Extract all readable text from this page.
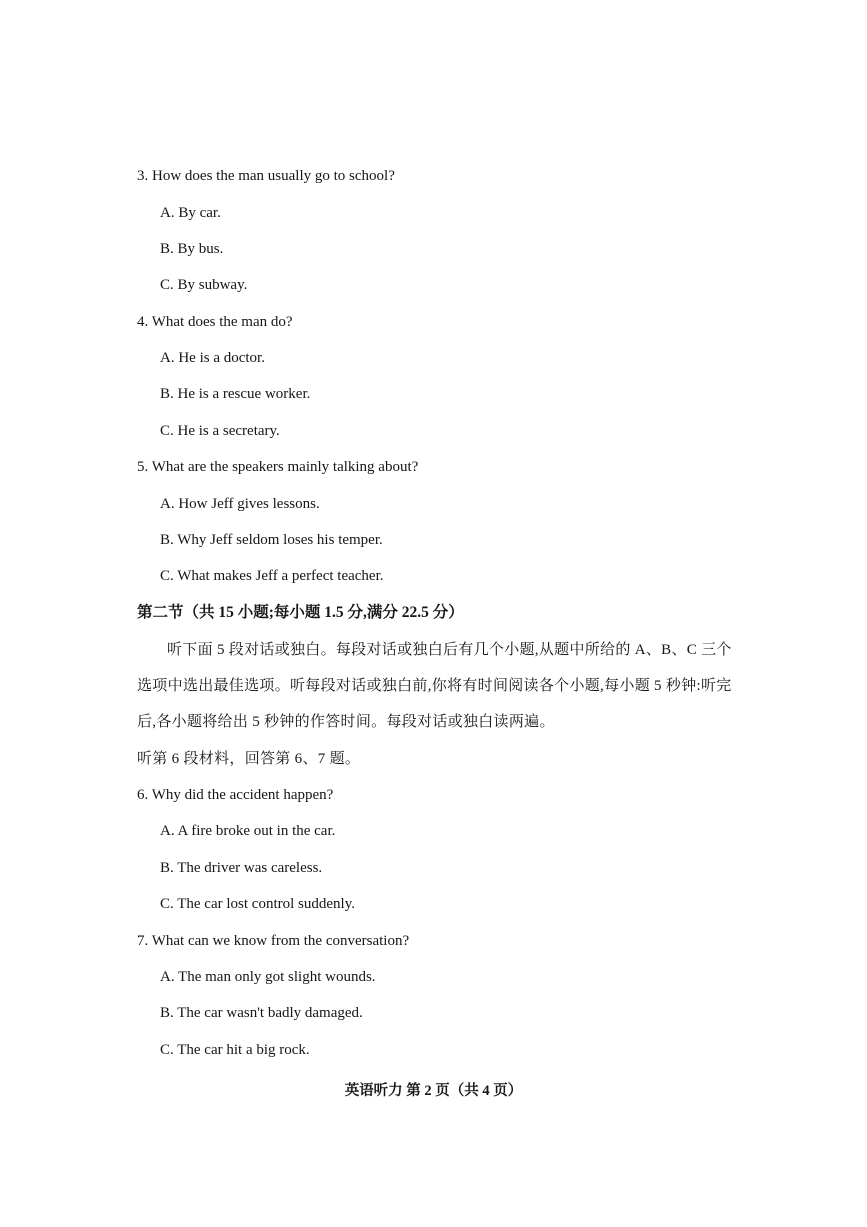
3. How does the man usually go to school?
A. By car.
B. By bus.
C. By subway.
4. What does the man do?
A. He is a doctor.
B. He is a rescue worker.
C. He is a secretary.
5. What are the speakers mainly talking about?
A. How Jeff gives lessons.
B. Why Jeff seldom loses his temper.
C. What makes Jeff a perfect teacher.
第二节（共 15 小题;每小题 1.5 分,满分 22.5 分）
听下面 5 段对话或独白。每段对话或独白后有几个小题,从题中所给的 A、B、C 三个
选项中选出最佳选项。听每段对话或独白前,你将有时间阅读各个小题,每小题 5 秒钟:听完
后,各小题将给出 5 秒钟的作答时间。每段对话或独白读两遍。
听第 6 段材料，回答第 6、7 题。
6. Why did the accident happen?
A. A fire broke out in the car.
B. The driver was careless.
C. The car lost control suddenly.
7. What can we know from the conversation?
A. The man only got slight wounds.
B. The car wasn't badly damaged.
C. The car hit a big rock.
英语听力 第 2 页（共 4 页）
